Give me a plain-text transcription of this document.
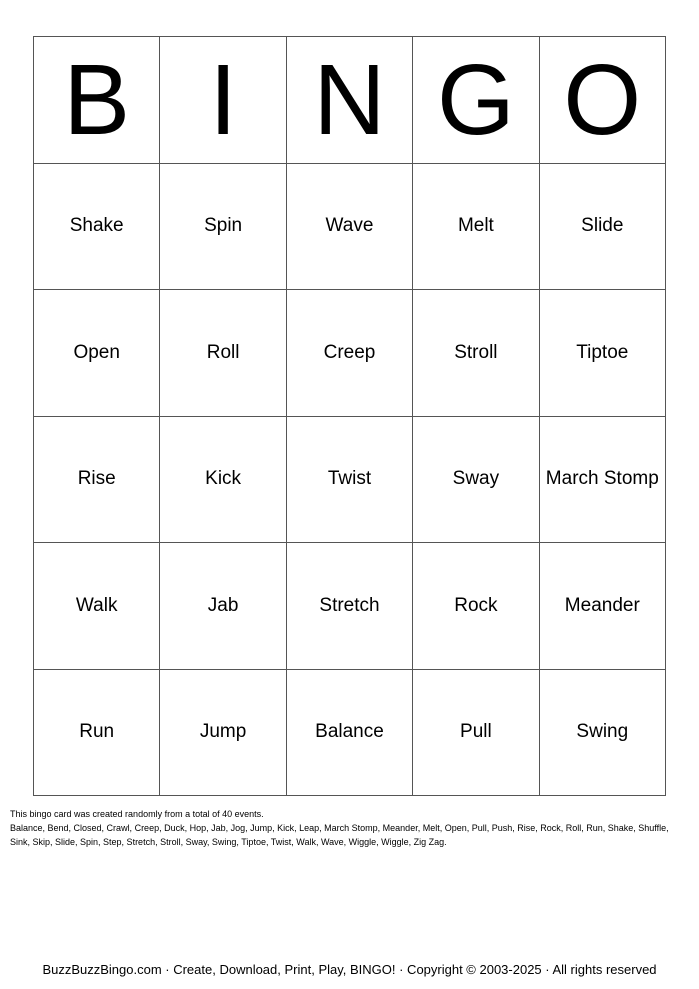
B I N G O
Shake	Spin	Wave	Melt	Slide
Open	Roll	Creep	Stroll	Tiptoe
Rise	Kick	Twist	Sway	March Stomp
Walk	Jab	Stretch	Rock	Meander
Run	Jump	Balance	Pull	Swing

This bingo card was created randomly from a total of 40 events.

Balance, Bend, Closed, Crawl, Creep, Duck, Hop, Jab, Jog, Jump, Kick, Leap, March Stomp, Meander, Melt, Open, Pull, Push, Rise, Rock, Roll, Run, Shake, Shuffle, Sink, Skip, Slide, Spin, Step, Stretch, Stroll, Sway, Swing, Tiptoe, Twist, Walk, Wave, Wiggle, Wiggle, Zig Zag.

BuzzBuzzBingo.com · Create, Download, Print, Play, BINGO! · Copyright © 2003-2025 · All rights reserved
